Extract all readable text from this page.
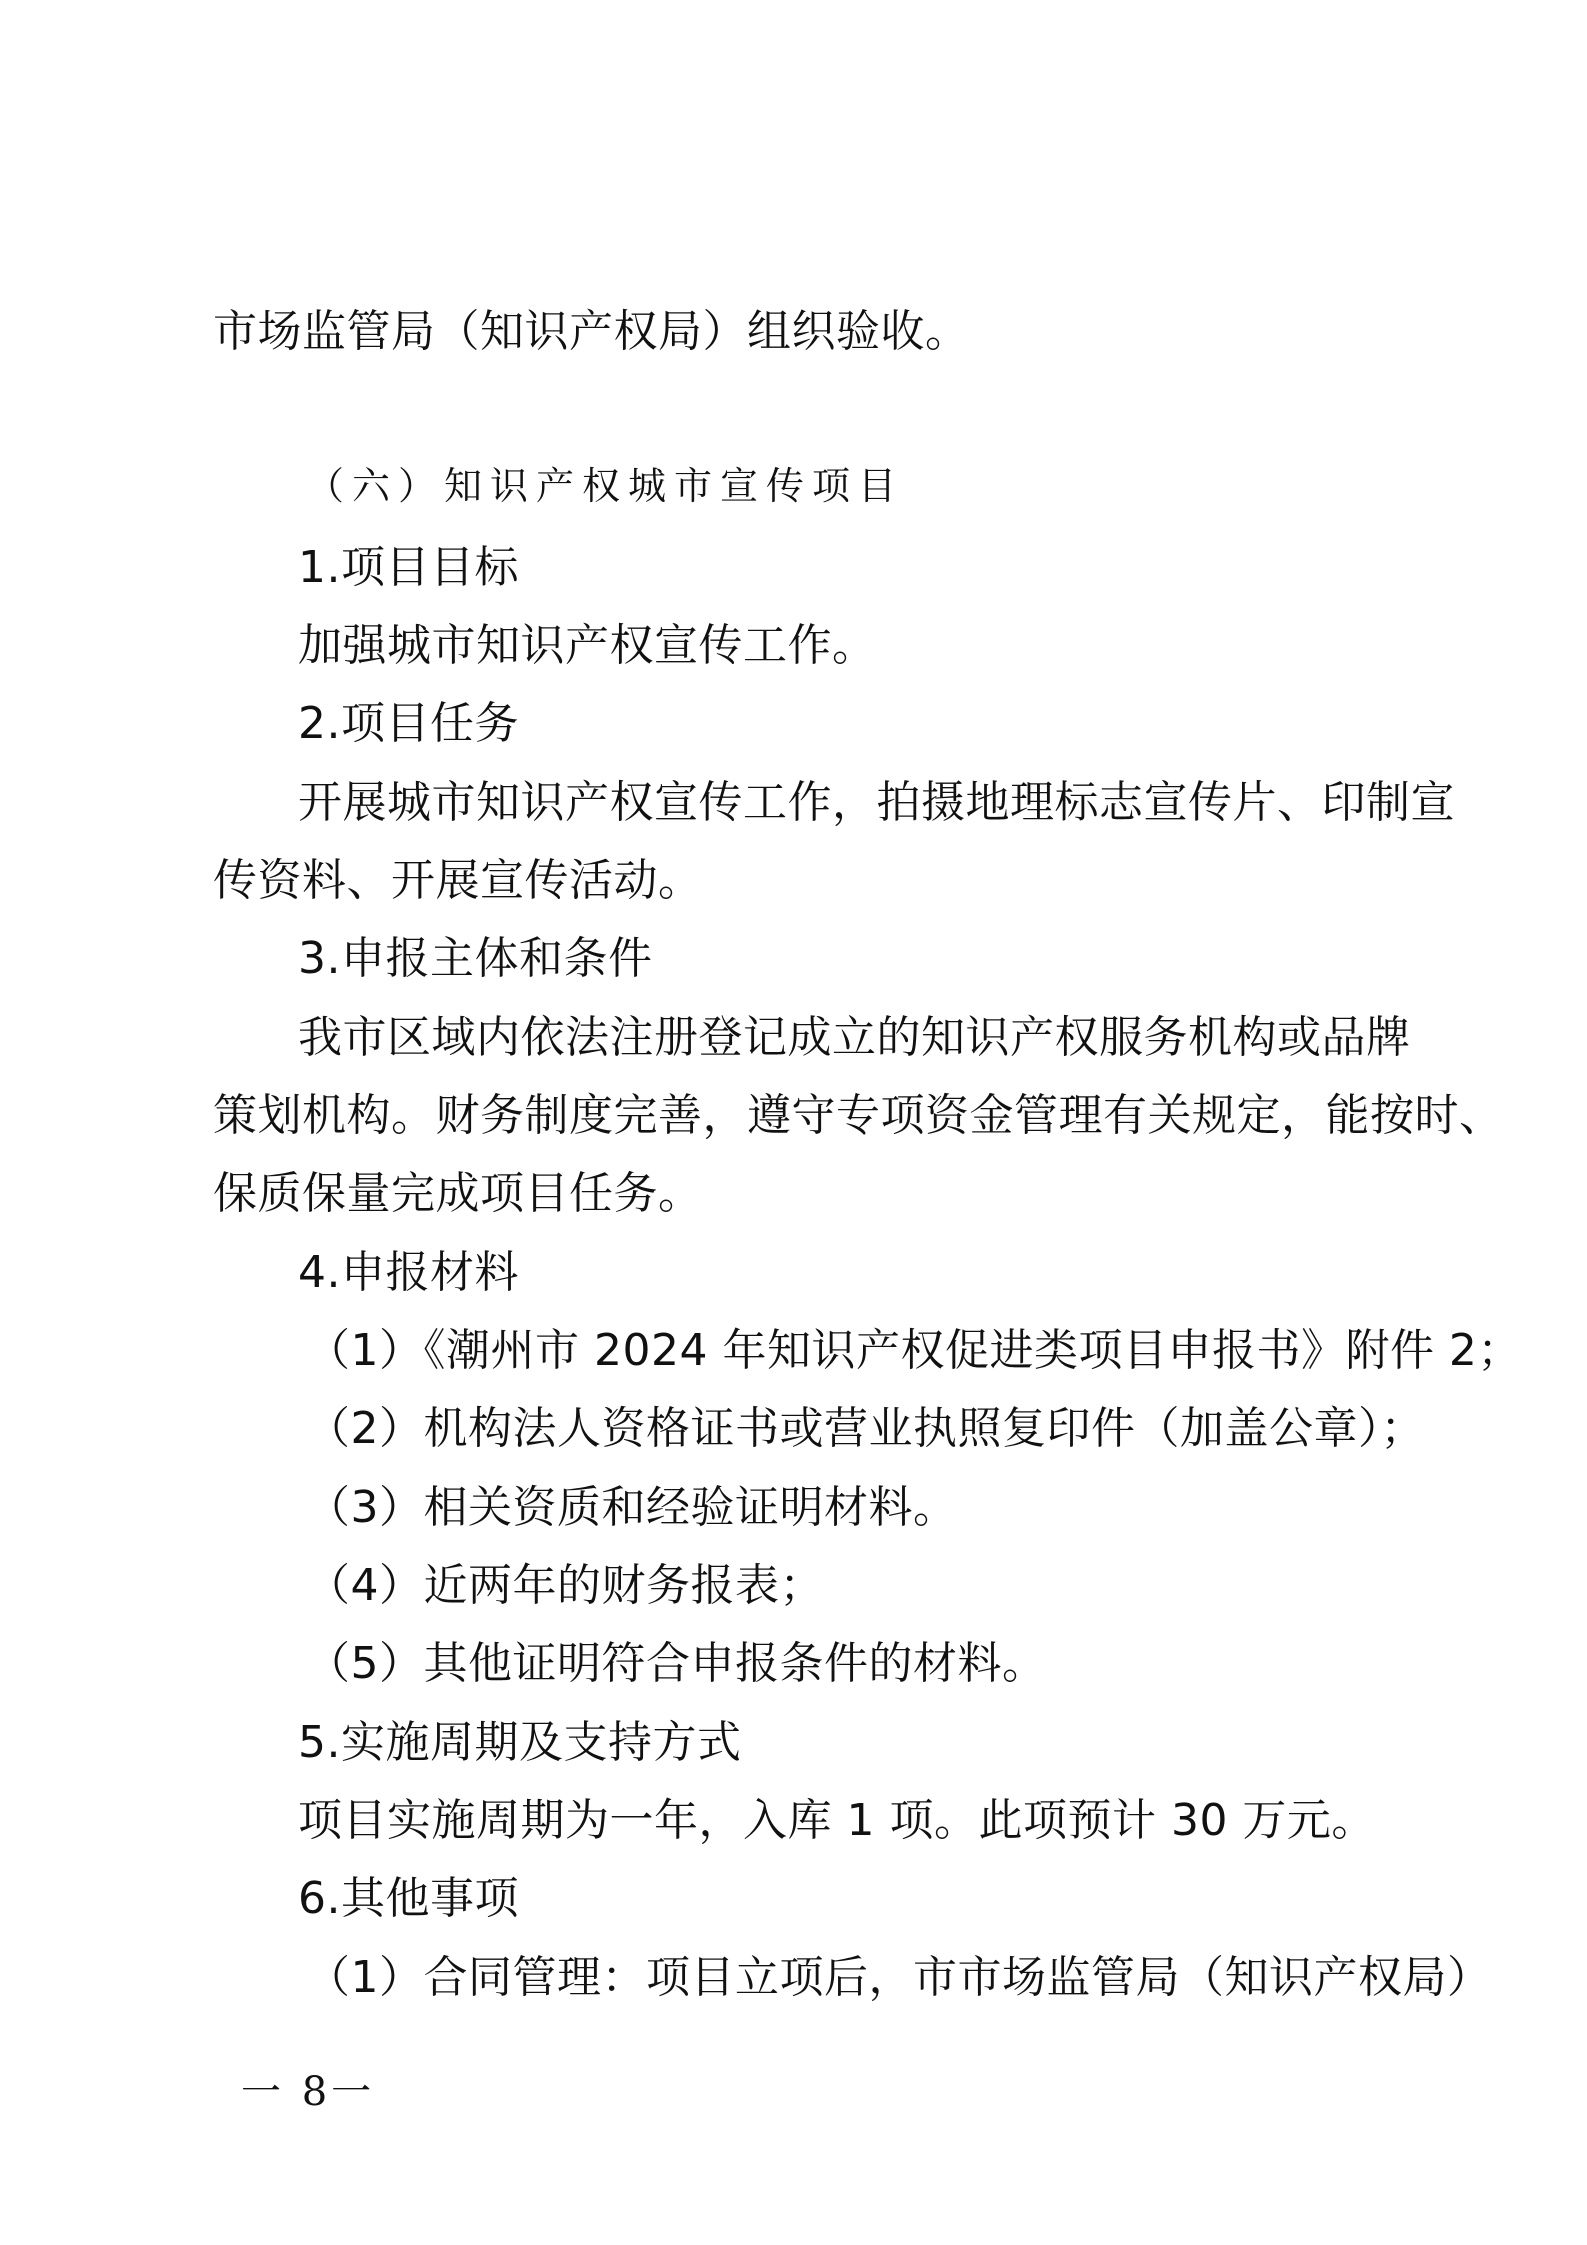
市场监管局（知识产权局）组织验收。
（六）知识产权城市宣传项目
1.项目目标
加强城市知识产权宣传工作。
2.项目任务
开展城市知识产权宣传工作，拍摄地理标志宣传片、印制宣
传资料、开展宣传活动。
3.申报主体和条件
我市区域内依法注册登记成立的知识产权服务机构或品牌
策划机构。财务制度完善，遵守专项资金管理有关规定，能按时、
保质保量完成项目任务。
4.申报材料
（1）《潮州市 2024 年知识产权促进类项目申报书》附件 2；
（2）机构法人资格证书或营业执照复印件（加盖公章）；
（3）相关资质和经验证明材料。
（4）近两年的财务报表；
（5）其他证明符合申报条件的材料。
5.实施周期及支持方式
项目实施周期为一年，入库 1 项。此项预计 30 万元。
6.其他事项
（1）合同管理：项目立项后，市市场监管局（知识产权局）
一 8一
